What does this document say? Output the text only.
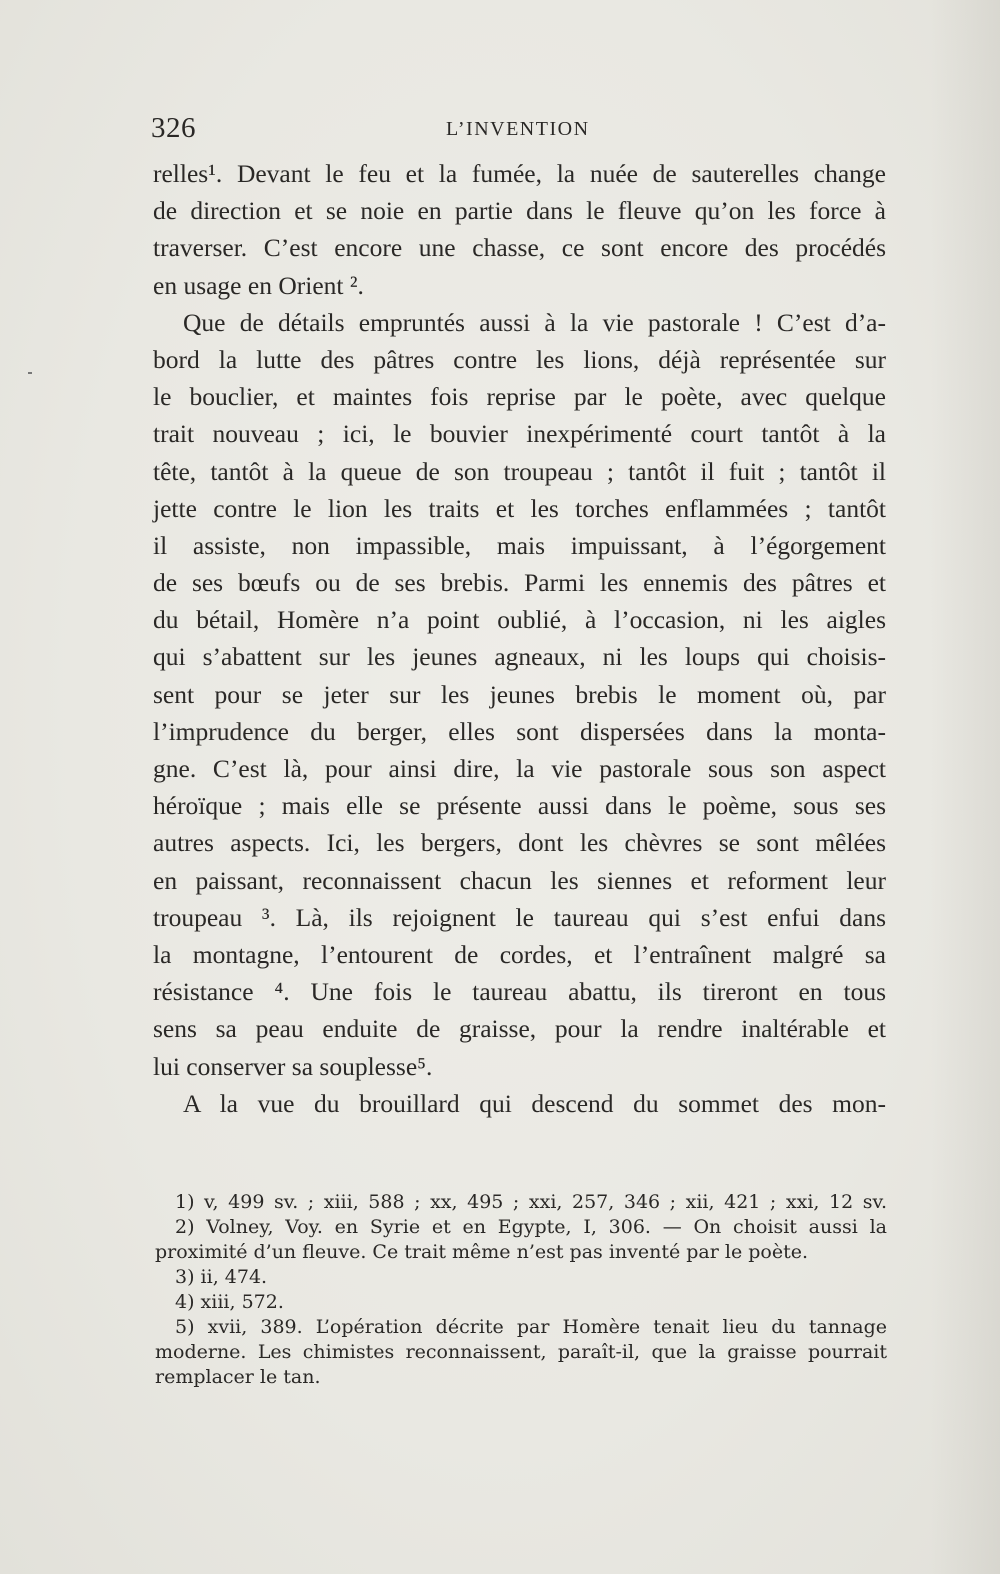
326	L’INVENTION
relles¹. Devant le feu et la fumée, la nuée de sauterelles change
de direction et se noie en partie dans le fleuve qu’on les force à
traverser. C’est encore une chasse, ce sont encore des procédés
en usage en Orient ².
Que de détails empruntés aussi à la vie pastorale ! C’est d’a-
bord la lutte des pâtres contre les lions, déjà représentée sur
le bouclier, et maintes fois reprise par le poète, avec quelque
trait nouveau ; ici, le bouvier inexpérimenté court tantôt à la
tête, tantôt à la queue de son troupeau ; tantôt il fuit ; tantôt il
jette contre le lion les traits et les torches enflammées ; tantôt
il assiste, non impassible, mais impuissant, à l’égorgement
de ses bœufs ou de ses brebis. Parmi les ennemis des pâtres et
du bétail, Homère n’a point oublié, à l’occasion, ni les aigles
qui s’abattent sur les jeunes agneaux, ni les loups qui choisis-
sent pour se jeter sur les jeunes brebis le moment où, par
l’imprudence du berger, elles sont dispersées dans la monta-
gne. C’est là, pour ainsi dire, la vie pastorale sous son aspect
héroïque ; mais elle se présente aussi dans le poème, sous ses
autres aspects. Ici, les bergers, dont les chèvres se sont mêlées
en paissant, reconnaissent chacun les siennes et reforment leur
troupeau ³. Là, ils rejoignent le taureau qui s’est enfui dans
la montagne, l’entourent de cordes, et l’entraînent malgré sa
résistance ⁴. Une fois le taureau abattu, ils tireront en tous
sens sa peau enduite de graisse, pour la rendre inaltérable et
lui conserver sa souplesse⁵.
A la vue du brouillard qui descend du sommet des mon-
1) v, 499 sv. ; xiii, 588 ; xx, 495 ; xxi, 257, 346 ; xii, 421 ; xxi, 12 sv.
2) Volney, Voy. en Syrie et en Egypte, I, 306. — On choisit aussi la
proximité d’un fleuve. Ce trait même n’est pas inventé par le poète.
3) ii, 474.
4) xiii, 572.
5) xvii, 389. L’opération décrite par Homère tenait lieu du tannage
moderne. Les chimistes reconnaissent, paraît-il, que la graisse pourrait
remplacer le tan.
